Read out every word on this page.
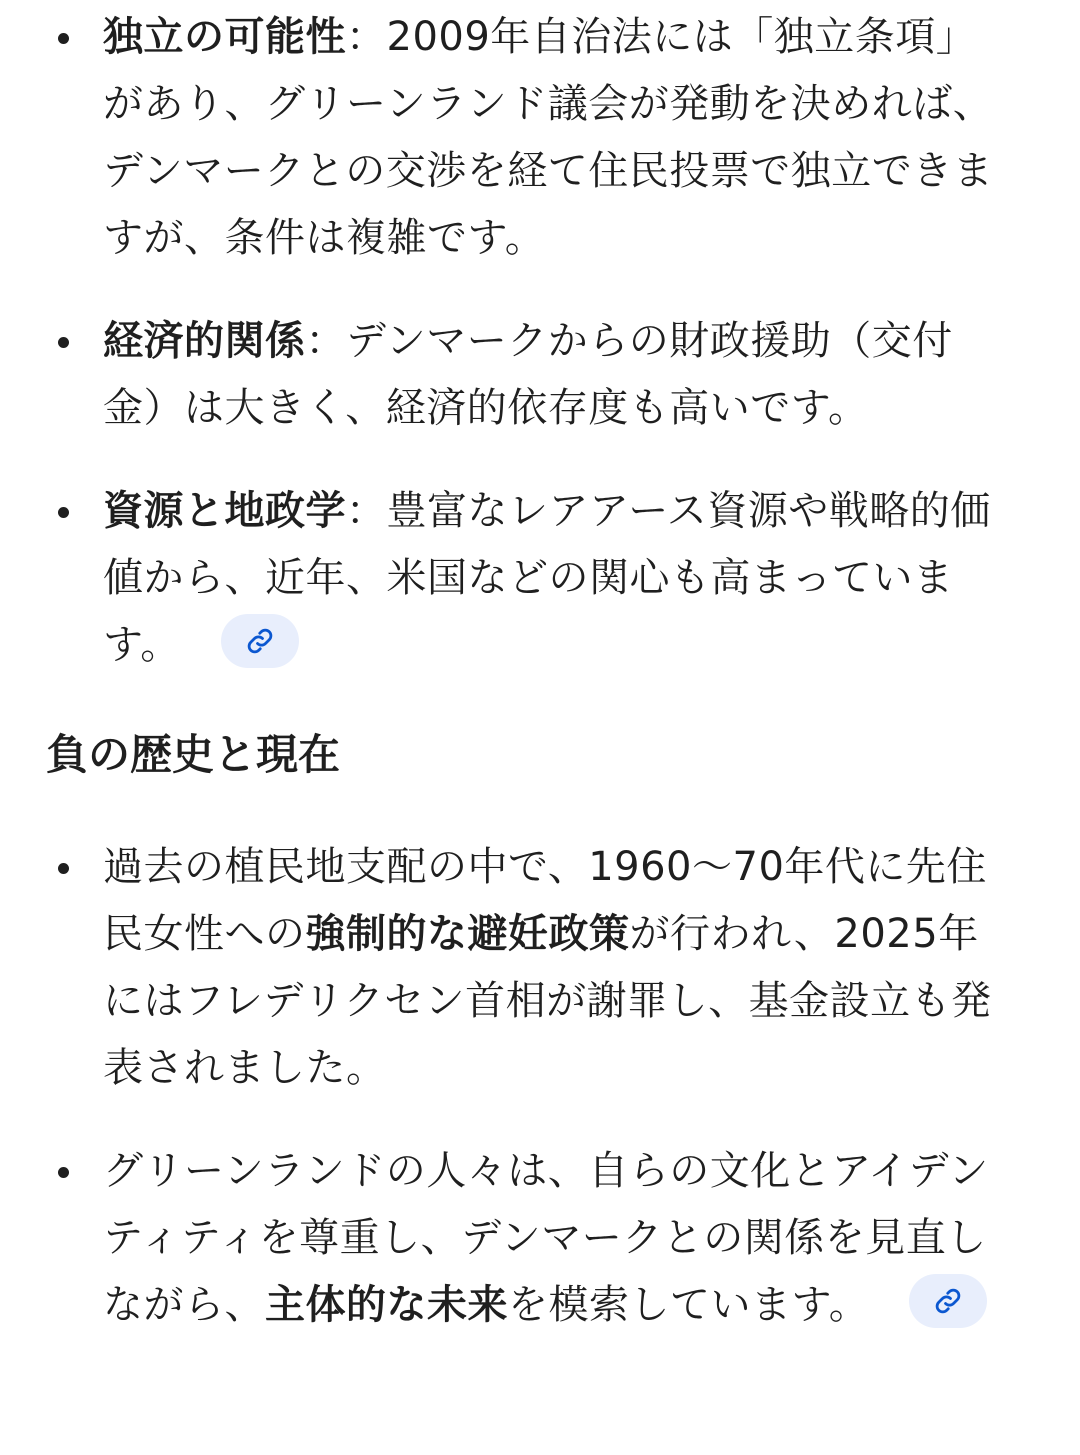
独立の可能性：2009年自治法には「独立条項」があり、グリーンランド議会が発動を決めれば、デンマークとの交渉を経て住民投票で独立できますが、条件は複雑です。
経済的関係：デンマークからの財政援助（交付金）は大きく、経済的依存度も高いです。
資源と地政学：豊富なレアアース資源や戦略的価値から、近年、米国などの関心も高まっています。
負の歴史と現在
過去の植民地支配の中で、1960〜70年代に先住民女性への強制的な避妊政策が行われ、2025年にはフレデリクセン首相が謝罪し、基金設立も発表されました。
グリーンランドの人々は、自らの文化とアイデンティティを尊重し、デンマークとの関係を見直しながら、主体的な未来を模索しています。
